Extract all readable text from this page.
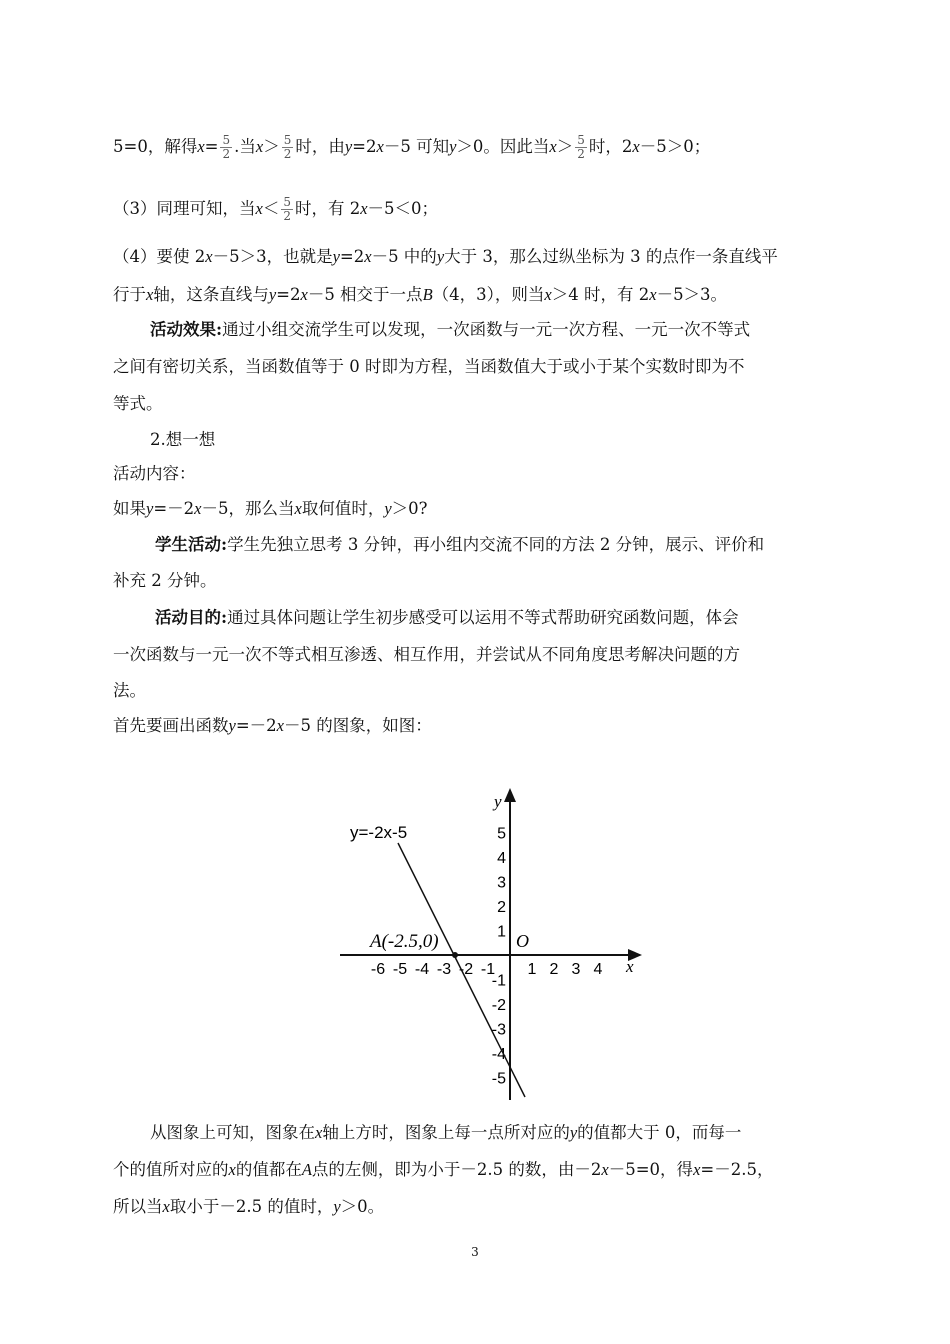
5=0，解得$x= \frac{5}{2}$ .当$x> \frac{5}{2}$ 时，由y=2x－5 可知y＞0。因此当$x> \frac{5}{2}$ 时，2x－5＞0；
（3）同理可知，当$x< \frac{5}{2}$ 时，有 2x－5＜0；
（4）要使 2x－5＞3，也就是y=2x－5 中的y大于 3，那么过纵坐标为 3 的点作一条直线平
行于x轴，这条直线与y=2x－5 相交于一点B（4，3），则当x＞4 时，有 2x－5＞3。
活动效果:通过小组交流学生可以发现，一次函数与一元一次方程、一元一次不等式
之间有密切关系，当函数值等于 0 时即为方程，当函数值大于或小于某个实数时即为不
等式。
2.想一想
活动内容：
如果y=－2x－5，那么当x取何值时，y＞0?
学生活动:学生先独立思考 3 分钟，再小组内交流不同的方法 2 分钟，展示、评价和
补充 2 分钟。
活动目的:通过具体问题让学生初步感受可以运用不等式帮助研究函数问题，体会
一次函数与一元一次不等式相互渗透、相互作用，并尝试从不同角度思考解决问题的方
法。
首先要画出函数y=－2x－5 的图象，如图：
-6 -5 -4 -3 -2 -1 1 2 3 4
5
4
3
2
1
-1
-2
-3
-4
-5
y=-2x-5
A(-2.5,0)	O
x
y
从图象上可知，图象在x轴上方时，图象上每一点所对应的y的值都大于 0，而每一
个的值所对应的x的值都在A点的左侧，即为小于－2.5 的数，由－2x－5=0，得x=－2.5，
所以当x取小于－2.5 的值时，y＞0。
3
